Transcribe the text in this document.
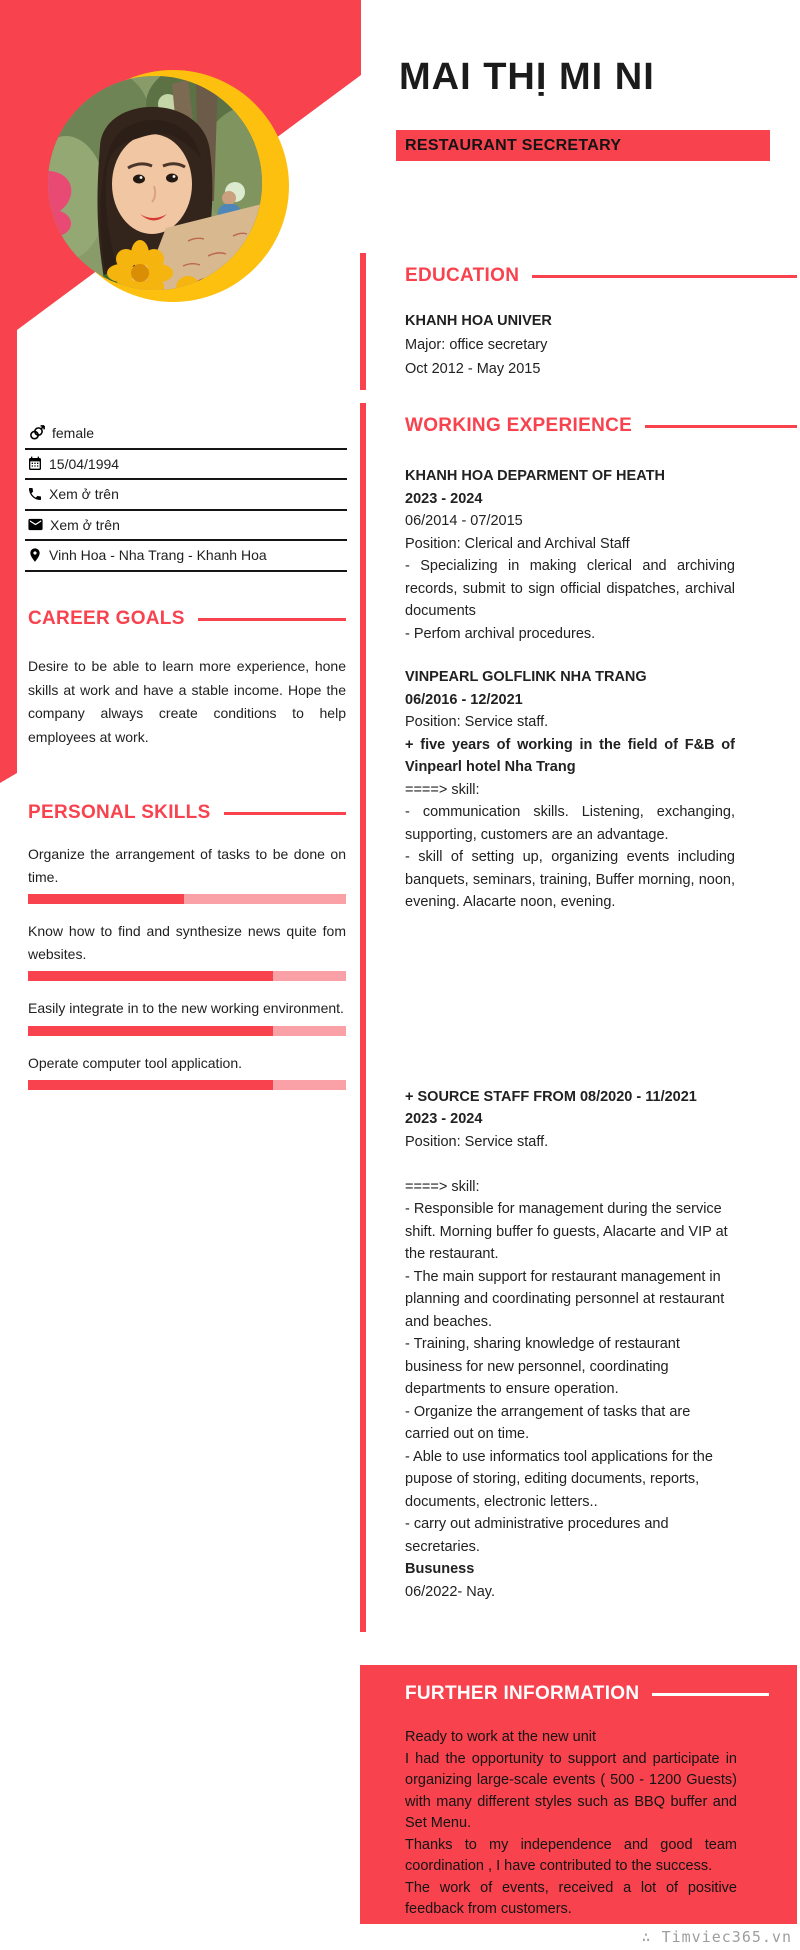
MAI THỊ MI NI
RESTAURANT SECRETARY
female
15/04/1994
Xem ở trên
Xem ở trên
Vinh Hoa - Nha Trang - Khanh Hoa
CAREER GOALS
Desire to be able to learn more experience, hone skills at work and have a stable income. Hope the company always create conditions to help employees at work.
PERSONAL SKILLS
Organize the arrangement of tasks to be done on time.
Know how to find and synthesize news quite fom websites.
Easily integrate in to the new working environment.
Operate computer tool application.
EDUCATION
KHANH HOA UNIVER
Major: office secretary
Oct 2012 - May 2015
WORKING EXPERIENCE

KHANH HOA DEPARMENT OF HEATH

2023 - 2024

06/2014 - 07/2015

Position: Clerical and Archival Staff

- Specializing in making clerical and archiving records, submit to sign official dispatches, archival documents

- Perfom archival procedures.

VINPEARL GOLFLINK NHA TRANG

06/2016 - 12/2021

Position: Service staff.

+ five years of working in the field of F&B of Vinpearl hotel Nha Trang

====> skill:

- communication skills. Listening, exchanging, supporting, customers are an advantage.

- skill of setting up, organizing events including banquets, seminars, training, Buffer morning, noon, evening. Alacarte noon, evening.

+ SOURCE STAFF FROM 08/2020 - 11/2021

2023 - 2024

Position: Service staff.

====> skill:

- Responsible for management during the service shift. Morning buffer fo guests, Alacarte and VIP at the restaurant.

- The main support for restaurant management in planning and coordinating personnel at restaurant and beaches.

- Training, sharing knowledge of restaurant business for new personnel, coordinating departments to ensure operation.

- Organize the arrangement of tasks that are carried out on time.

- Able to use informatics tool applications for the pupose of storing, editing documents, reports, documents, electronic letters..

- carry out administrative procedures and secretaries.

Busuness

06/2022- Nay.

FURTHER INFORMATION

Ready to work at the new unit

I had the opportunity to support and participate in organizing large-scale events ( 500 - 1200 Guests) with many different styles such as BBQ buffer and Set Menu.

Thanks to my independence and good team coordination , I have contributed to the success.

The work of events, received a lot of positive feedback from customers.

∴ Timviec365.vn
